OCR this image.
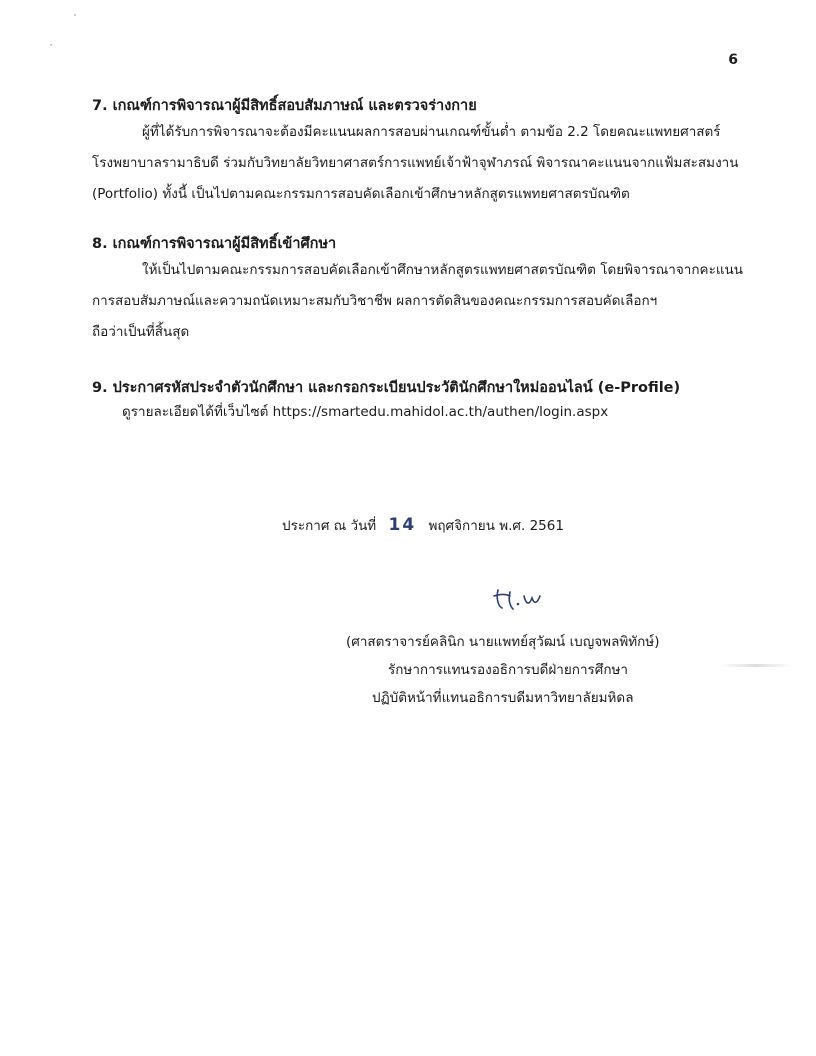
6
7. เกณฑ์การพิจารณาผู้มีสิทธิ์สอบสัมภาษณ์ และตรวจร่างกาย
ผู้ที่ได้รับการพิจารณาจะต้องมีคะแนนผลการสอบผ่านเกณฑ์ขั้นต่ำ ตามข้อ 2.2 โดยคณะแพทยศาสตร์
โรงพยาบาลรามาธิบดี ร่วมกับวิทยาลัยวิทยาศาสตร์การแพทย์เจ้าฟ้าจุฬาภรณ์ พิจารณาคะแนนจากแฟ้มสะสมงาน
(Portfolio) ทั้งนี้ เป็นไปตามคณะกรรมการสอบคัดเลือกเข้าศึกษาหลักสูตรแพทยศาสตรบัณฑิต
8. เกณฑ์การพิจารณาผู้มีสิทธิ์เข้าศึกษา
ให้เป็นไปตามคณะกรรมการสอบคัดเลือกเข้าศึกษาหลักสูตรแพทยศาสตรบัณฑิต โดยพิจารณาจากคะแนน
การสอบสัมภาษณ์และความถนัดเหมาะสมกับวิชาชีพ ผลการตัดสินของคณะกรรมการสอบคัดเลือกฯ
ถือว่าเป็นที่สิ้นสุด
9. ประกาศรหัสประจำตัวนักศึกษา และกรอกระเบียนประวัตินักศึกษาใหม่ออนไลน์ (e-Profile)
ดูรายละเอียดได้ที่เว็บไซต์ https://smartedu.mahidol.ac.th/authen/login.aspx
ประกาศ ณ วันที่ 14 พฤศจิกายน พ.ศ. 2561
(ศาสตราจารย์คลินิก นายแพทย์สุวัฒน์ เบญจพลพิทักษ์)
รักษาการแทนรองอธิการบดีฝ่ายการศึกษา
ปฏิบัติหน้าที่แทนอธิการบดีมหาวิทยาลัยมหิดล
